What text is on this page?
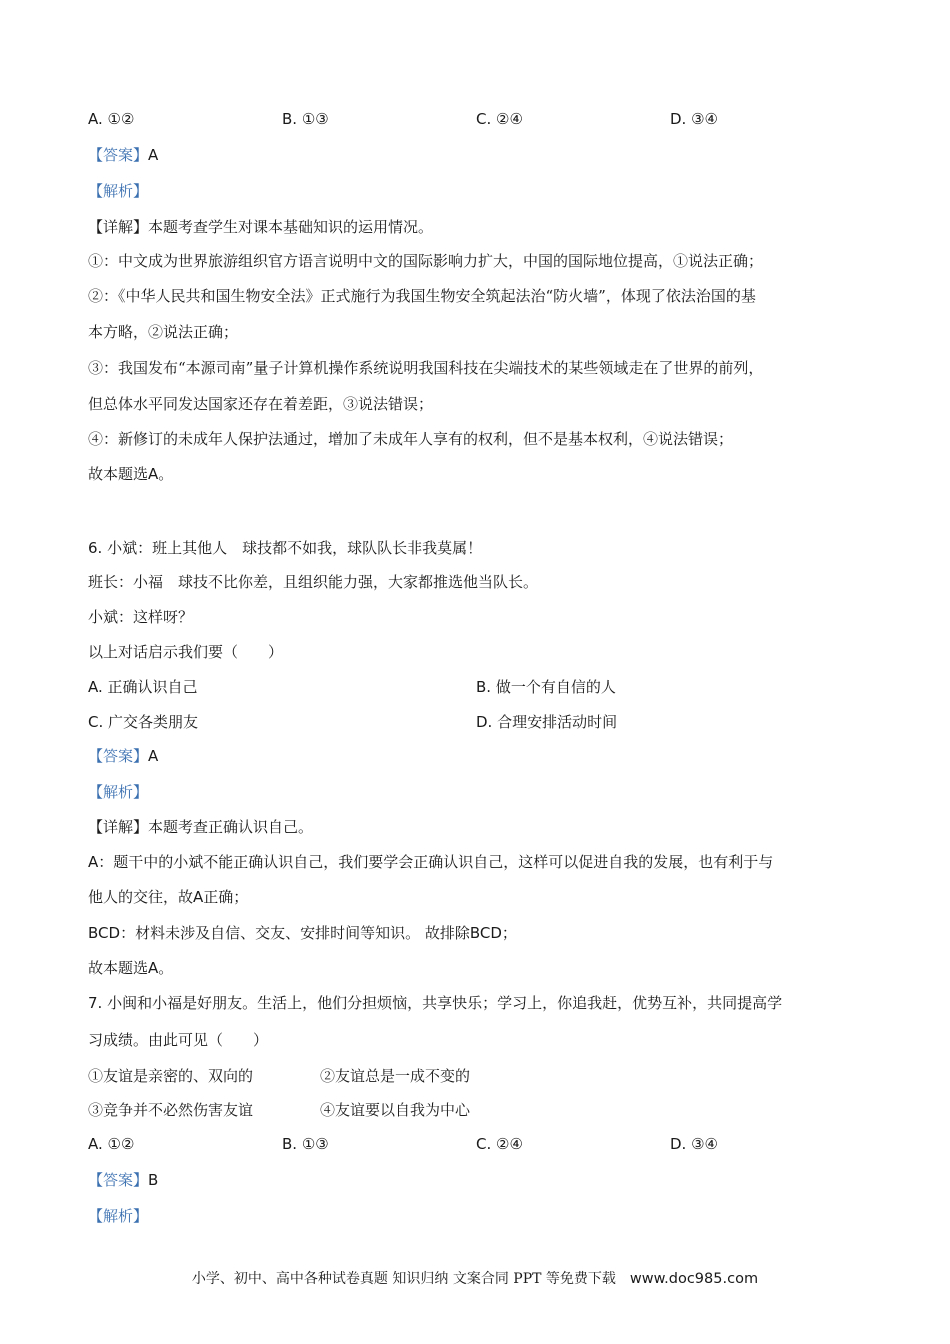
A. ①②	B. ①③	C. ②④	D. ③④
【答案】A
【解析】
【详解】本题考查学生对课本基础知识的运用情况。
①：中文成为世界旅游组织官方语言说明中文的国际影响力扩大，中国的国际地位提高，①说法正确；
②：《中华人民共和国生物安全法》正式施行为我国生物安全筑起法治“防火墙”，体现了依法治国的基
本方略，②说法正确；
③：我国发布“本源司南”量子计算机操作系统说明我国科技在尖端技术的某些领域走在了世界的前列，
但总体水平同发达国家还存在着差距，③说法错误；
④：新修订的未成年人保护法通过，增加了未成年人享有的权利，但不是基本权利，④说法错误；
故本题选A。
6. 小斌：班上其他人　球技都不如我，球队队长非我莫属！
班长：小福　球技不比你差，且组织能力强，大家都推选他当队长。
小斌：这样呀？
以上对话启示我们要（　　）
A. 正确认识自己	B. 做一个有自信的人
C. 广交各类朋友	D. 合理安排活动时间
【答案】A
【解析】
【详解】本题考查正确认识自己。
A：题干中的小斌不能正确认识自己，我们要学会正确认识自己，这样可以促进自我的发展，也有利于与
他人的交往，故A正确；
BCD：材料未涉及自信、交友、安排时间等知识。 故排除BCD；
故本题选A。
7. 小闽和小福是好朋友。生活上，他们分担烦恼，共享快乐；学习上，你追我赶，优势互补，共同提高学
习成绩。由此可见（　　）
①友谊是亲密的、双向的	②友谊总是一成不变的
③竞争并不必然伤害友谊	④友谊要以自我为中心
A. ①②	B. ①③	C. ②④	D. ③④
【答案】B
【解析】
小学、初中、高中各种试卷真题 知识归纳 文案合同 PPT 等免费下载 www.doc985.com
